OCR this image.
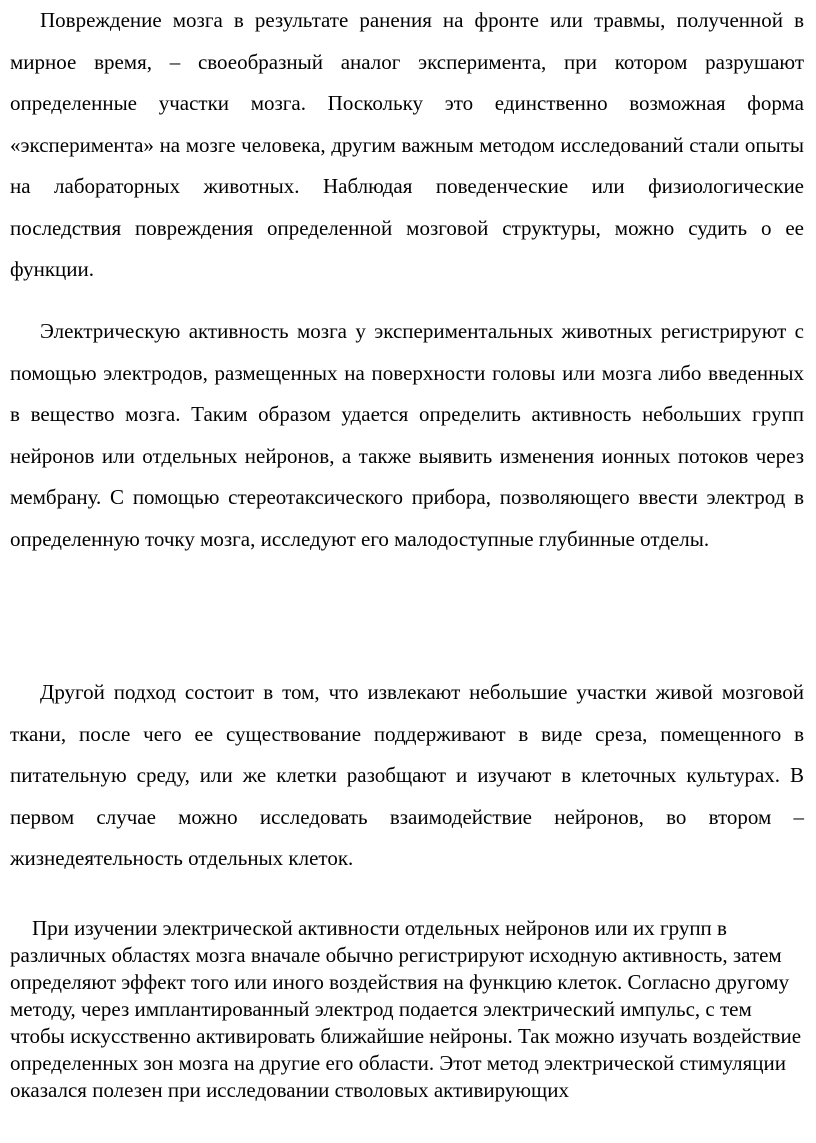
Повреждение мозга в результате ранения на фронте или травмы, полученной в мирное время, – своеобразный аналог эксперимента, при котором разрушают определенные участки мозга. Поскольку это единственно возможная форма «эксперимента» на мозге человека, другим важным методом исследований стали опыты на лабораторных животных. Наблюдая поведенческие или физиологические последствия повреждения определенной мозговой структуры, можно судить о ее функции.

Электрическую активность мозга у экспериментальных животных регистрируют с помощью электродов, размещенных на поверхности головы или мозга либо введенных в вещество мозга. Таким образом удается определить активность небольших групп нейронов или отдельных нейронов, а также выявить изменения ионных потоков через мембрану. С помощью стереотаксического прибора, позволяющего ввести электрод в определенную точку мозга, исследуют его малодоступные глубинные отделы.

Другой подход состоит в том, что извлекают небольшие участки живой мозговой ткани, после чего ее существование поддерживают в виде среза, помещенного в питательную среду, или же клетки разобщают и изучают в клеточных культурах. В первом случае можно исследовать взаимодействие нейронов, во втором – жизнедеятельность отдельных клеток.

При изучении электрической активности отдельных нейронов или их групп в различных областях мозга вначале обычно регистрируют исходную активность, затем определяют эффект того или иного воздействия на функцию клеток. Согласно другому методу, через имплантированный электрод подается электрический импульс, с тем чтобы искусственно активировать ближайшие нейроны. Так можно изучать воздействие определенных зон мозга на другие его области. Этот метод электрической стимуляции оказался полезен при исследовании стволовых активирующих
